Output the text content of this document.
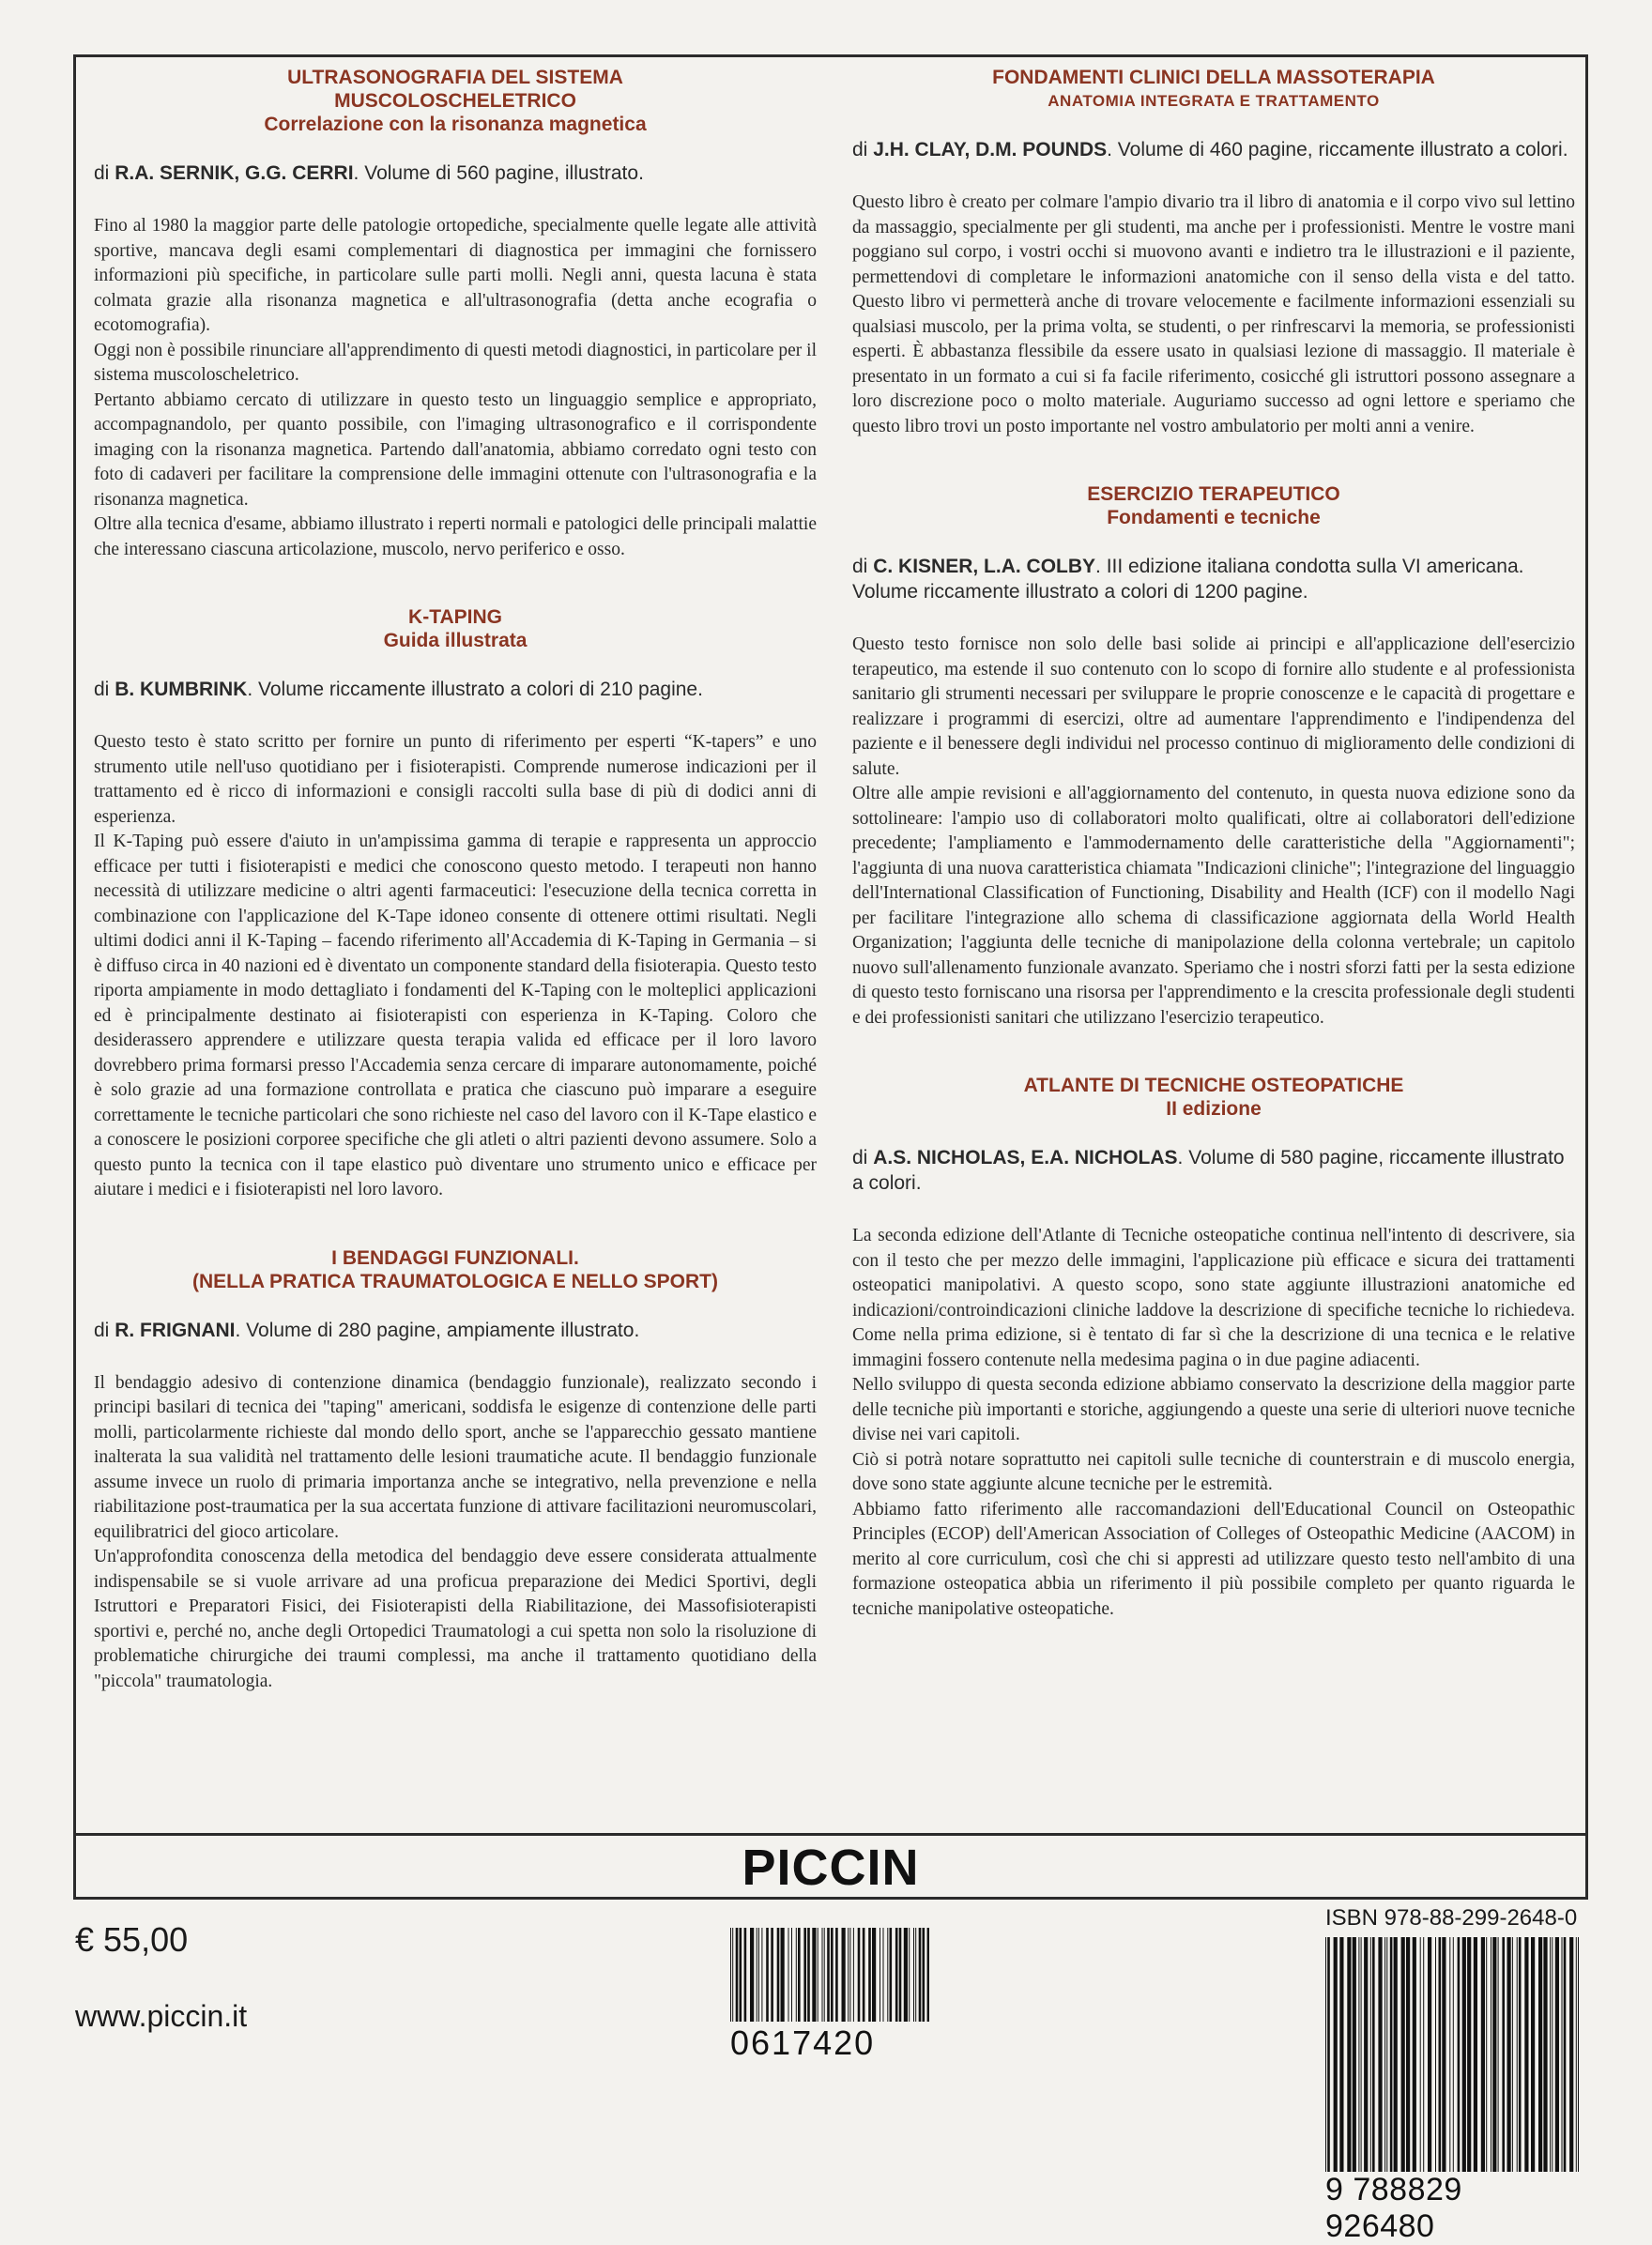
ULTRASONOGRAFIA DEL SISTEMA
MUSCOLOSCHELETRICO
Correlazione con la risonanza magnetica
di R.A. SERNIK, G.G. CERRI. Volume di 560 pagine, illustrato.

Fino al 1980 la maggior parte delle patologie ortopediche, specialmente quelle legate alle attività sportive, mancava degli esami complementari di diagnostica per immagini che fornissero informazioni più specifiche, in particolare sulle parti molli. Negli anni, questa lacuna è stata colmata grazie alla risonanza magnetica e all'ultrasonografia (detta anche ecografia o ecotomografia).

Oggi non è possibile rinunciare all'apprendimento di questi metodi diagnostici, in particolare per il sistema muscoloscheletrico.

Pertanto abbiamo cercato di utilizzare in questo testo un linguaggio semplice e appropriato, accompagnandolo, per quanto possibile, con l'imaging ultrasonografico e il corrispondente imaging con la risonanza magnetica. Partendo dall'anatomia, abbiamo corredato ogni testo con foto di cadaveri per facilitare la comprensione delle immagini ottenute con l'ultrasonografia e la risonanza magnetica.

Oltre alla tecnica d'esame, abbiamo illustrato i reperti normali e patologici delle principali malattie che interessano ciascuna articolazione, muscolo, nervo periferico e osso.

K-TAPING
Guida illustrata
di B. KUMBRINK. Volume riccamente illustrato a colori di 210 pagine.

Questo testo è stato scritto per fornire un punto di riferimento per esperti “K-tapers” e uno strumento utile nell'uso quotidiano per i fisioterapisti. Comprende numerose indicazioni per il trattamento ed è ricco di informazioni e consigli raccolti sulla base di più di dodici anni di esperienza.

Il K-Taping può essere d'aiuto in un'ampissima gamma di terapie e rappresenta un approccio efficace per tutti i fisioterapisti e medici che conoscono questo metodo. I terapeuti non hanno necessità di utilizzare medicine o altri agenti farmaceutici: l'esecuzione della tecnica corretta in combinazione con l'applicazione del K-Tape idoneo consente di ottenere ottimi risultati. Negli ultimi dodici anni il K-Taping – facendo riferimento all'Accademia di K-Taping in Germania – si è diffuso circa in 40 nazioni ed è diventato un componente standard della fisioterapia. Questo testo riporta ampiamente in modo dettagliato i fondamenti del K-Taping con le molteplici applicazioni ed è principalmente destinato ai fisioterapisti con esperienza in K-Taping. Coloro che desiderassero apprendere e utilizzare questa terapia valida ed efficace per il loro lavoro dovrebbero prima formarsi presso l'Accademia senza cercare di imparare autonomamente, poiché è solo grazie ad una formazione controllata e pratica che ciascuno può imparare a eseguire correttamente le tecniche particolari che sono richieste nel caso del lavoro con il K-Tape elastico e a conoscere le posizioni corporee specifiche che gli atleti o altri pazienti devono assumere. Solo a questo punto la tecnica con il tape elastico può diventare uno strumento unico e efficace per aiutare i medici e i fisioterapisti nel loro lavoro.

I BENDAGGI FUNZIONALI.
(NELLA PRATICA TRAUMATOLOGICA E NELLO SPORT)
di R. FRIGNANI. Volume di 280 pagine, ampiamente illustrato.

Il bendaggio adesivo di contenzione dinamica (bendaggio funzionale), realizzato secondo i principi basilari di tecnica dei "taping" americani, soddisfa le esigenze di contenzione delle parti molli, particolarmente richieste dal mondo dello sport, anche se l'apparecchio gessato mantiene inalterata la sua validità nel trattamento delle lesioni traumatiche acute. Il bendaggio funzionale assume invece un ruolo di primaria importanza anche se integrativo, nella prevenzione e nella riabilitazione post-traumatica per la sua accertata funzione di attivare facilitazioni neuromuscolari, equilibratrici del gioco articolare.

Un'approfondita conoscenza della metodica del bendaggio deve essere considerata attualmente indispensabile se si vuole arrivare ad una proficua preparazione dei Medici Sportivi, degli Istruttori e Preparatori Fisici, dei Fisioterapisti della Riabilitazione, dei Massofisioterapisti sportivi e, perché no, anche degli Ortopedici Traumatologi a cui spetta non solo la risoluzione di problematiche chirurgiche dei traumi complessi, ma anche il trattamento quotidiano della "piccola" traumatologia.

FONDAMENTI CLINICI DELLA MASSOTERAPIA
ANATOMIA INTEGRATA E TRATTAMENTO
di J.H. CLAY, D.M. POUNDS. Volume di 460 pagine, riccamente illustrato a colori.

Questo libro è creato per colmare l'ampio divario tra il libro di anatomia e il corpo vivo sul lettino da massaggio, specialmente per gli studenti, ma anche per i professionisti. Mentre le vostre mani poggiano sul corpo, i vostri occhi si muovono avanti e indietro tra le illustrazioni e il paziente, permettendovi di completare le informazioni anatomiche con il senso della vista e del tatto. Questo libro vi permetterà anche di trovare velocemente e facilmente informazioni essenziali su qualsiasi muscolo, per la prima volta, se studenti, o per rinfrescarvi la memoria, se professionisti esperti. È abbastanza flessibile da essere usato in qualsiasi lezione di massaggio. Il materiale è presentato in un formato a cui si fa facile riferimento, cosicché gli istruttori possono assegnare a loro discrezione poco o molto materiale. Auguriamo successo ad ogni lettore e speriamo che questo libro trovi un posto importante nel vostro ambulatorio per molti anni a venire.

ESERCIZIO TERAPEUTICO
Fondamenti e tecniche
di C. KISNER, L.A. COLBY. III edizione italiana condotta sulla VI americana. Volume riccamente illustrato a colori di 1200 pagine.

Questo testo fornisce non solo delle basi solide ai principi e all'applicazione dell'esercizio terapeutico, ma estende il suo contenuto con lo scopo di fornire allo studente e al professionista sanitario gli strumenti necessari per sviluppare le proprie conoscenze e le capacità di progettare e realizzare i programmi di esercizi, oltre ad aumentare l'apprendimento e l'indipendenza del paziente e il benessere degli individui nel processo continuo di miglioramento delle condizioni di salute.

Oltre alle ampie revisioni e all'aggiornamento del contenuto, in questa nuova edizione sono da sottolineare: l'ampio uso di collaboratori molto qualificati, oltre ai collaboratori dell'edizione precedente; l'ampliamento e l'ammodernamento delle caratteristiche della "Aggiornamenti"; l'aggiunta di una nuova caratteristica chiamata "Indicazioni cliniche"; l'integrazione del linguaggio dell'International Classification of Functioning, Disability and Health (ICF) con il modello Nagi per facilitare l'integrazione allo schema di classificazione aggiornata della World Health Organization; l'aggiunta delle tecniche di manipolazione della colonna vertebrale; un capitolo nuovo sull'allenamento funzionale avanzato. Speriamo che i nostri sforzi fatti per la sesta edizione di questo testo forniscano una risorsa per l'apprendimento e la crescita professionale degli studenti e dei professionisti sanitari che utilizzano l'esercizio terapeutico.

ATLANTE DI TECNICHE OSTEOPATICHE
II edizione
di A.S. NICHOLAS, E.A. NICHOLAS. Volume di 580 pagine, riccamente illustrato a colori.

La seconda edizione dell'Atlante di Tecniche osteopatiche continua nell'intento di descrivere, sia con il testo che per mezzo delle immagini, l'applicazione più efficace e sicura dei trattamenti osteopatici manipolativi. A questo scopo, sono state aggiunte illustrazioni anatomiche ed indicazioni/controindicazioni cliniche laddove la descrizione di specifiche tecniche lo richiedeva. Come nella prima edizione, si è tentato di far sì che la descrizione di una tecnica e le relative immagini fossero contenute nella medesima pagina o in due pagine adiacenti.

Nello sviluppo di questa seconda edizione abbiamo conservato la descrizione della maggior parte delle tecniche più importanti e storiche, aggiungendo a queste una serie di ulteriori nuove tecniche divise nei vari capitoli.

Ciò si potrà notare soprattutto nei capitoli sulle tecniche di counterstrain e di muscolo energia, dove sono state aggiunte alcune tecniche per le estremità.

Abbiamo fatto riferimento alle raccomandazioni dell'Educational Council on Osteopathic Principles (ECOP) dell'American Association of Colleges of Osteopathic Medicine (AACOM) in merito al core curriculum, così che chi si appresti ad utilizzare questo testo nell'ambito di una formazione osteopatica abbia un riferimento il più possibile completo per quanto riguarda le tecniche manipolative osteopatiche.

PICCIN
€ 55,00
www.piccin.it
0617420
ISBN 978-88-299-2648-0
9 788829 926480
